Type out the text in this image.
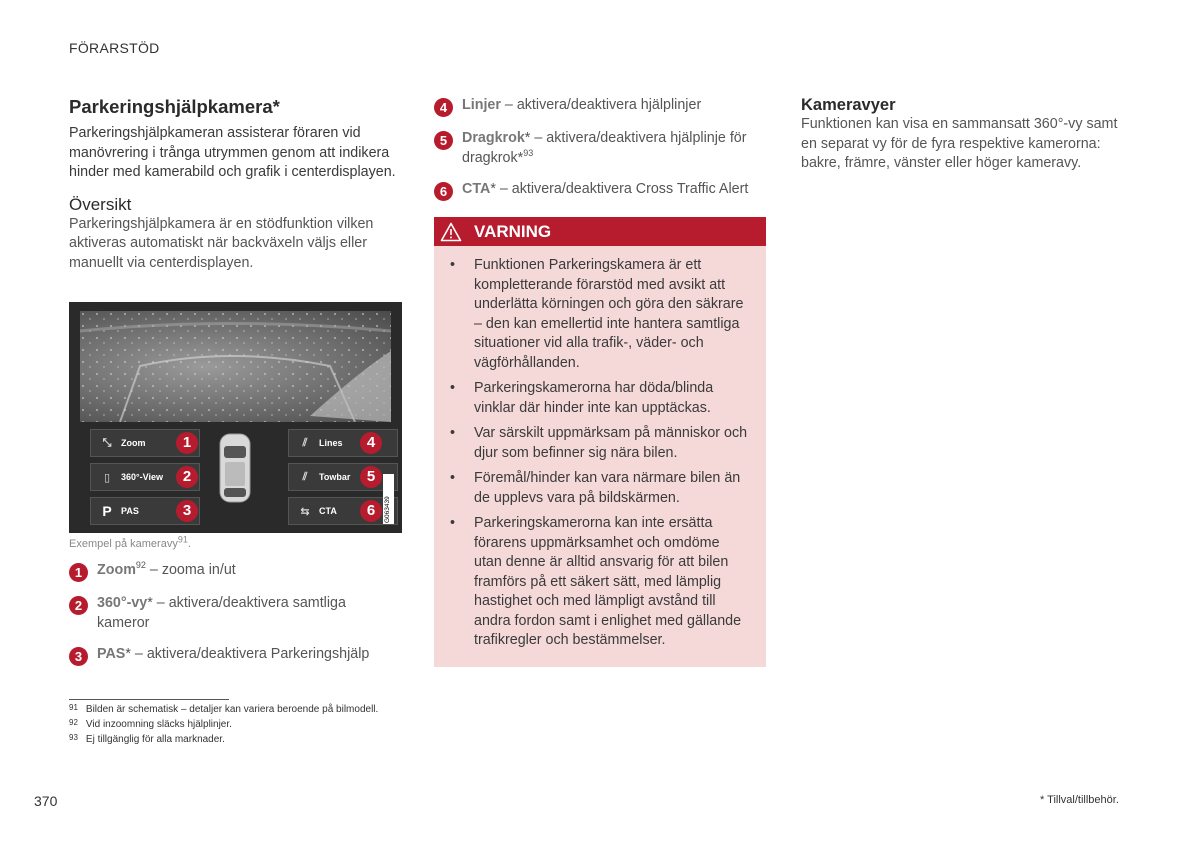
FÖRARSTÖD
Parkeringshjälpkamera*

Parkeringshjälpkameran assisterar föraren vid manövrering i trånga utrymmen genom att indikera hinder med kamerabild och grafik i centerdisplayen.

Översikt

Parkeringshjälpkamera är en stödfunktion vilken aktiveras automatiskt när backväxeln väljs eller manuellt via centerdisplayen.

⤡	Zoom	1
▯	360°-View	2
P	PAS	3
⫽	Lines	4
⫽	Towbar	5
⇆	CTA	6	G063439
Exempel på kameravy$^{91}$.
1	Zoom$^{92}$ – zooma in/ut
2	360°-vy* – aktivera/deaktivera samtliga kameror
3	PAS* – aktivera/deaktivera Parkeringshjälp
4	Linjer – aktivera/deaktivera hjälplinjer
5	Dragkrok* – aktivera/deaktivera hjälplinje för dragkrok*$^{93}$
6	CTA* – aktivera/deaktivera Cross Traffic Alert
VARNING
• Funktionen Parkeringskamera är ett kompletterande förarstöd med avsikt att underlätta körningen och göra den säkrare – den kan emellertid inte hantera samtliga situationer vid alla trafik-, väder- och vägförhållanden.
• Parkeringskamerorna har döda/blinda vinklar där hinder inte kan upptäckas.
• Var särskilt uppmärksam på människor och djur som befinner sig nära bilen.
• Föremål/hinder kan vara närmare bilen än de upplevs vara på bildskärmen.
• Parkeringskamerorna kan inte ersätta förarens uppmärksamhet och omdöme utan denne är alltid ansvarig för att bilen framförs på ett säkert sätt, med lämplig hastighet och med lämpligt avstånd till andra fordon samt i enlighet med gällande trafikregler och bestämmelser.
Kameravyer

Funktionen kan visa en sammansatt 360°-vy samt en separat vy för de fyra respektive kamerorna: bakre, främre, vänster eller höger kameravy.

$^{91}$ Bilden är schematisk – detaljer kan variera beroende på bilmodell.
$^{92}$ Vid inzoomning släcks hjälplinjer.
$^{93}$ Ej tillgänglig för alla marknader.
370	* Tillval/tillbehör.
